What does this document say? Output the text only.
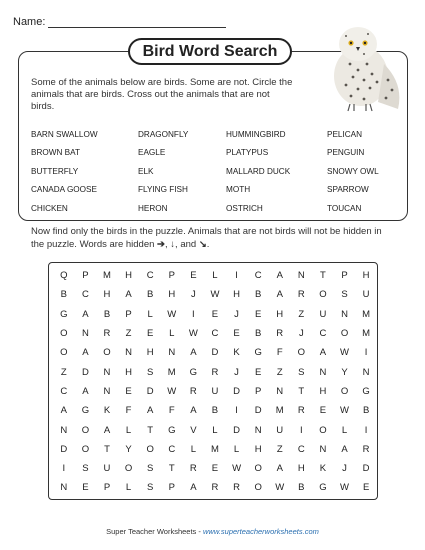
Name:
Bird Word Search

Some of the animals below are birds. Some are not. Circle the animals that are birds. Cross out the animals that are not birds.

BARN SWALLOW	DRAGONFLY	HUMMINGBIRD	PELICAN
BROWN BAT	EAGLE	PLATYPUS	PENGUIN
BUTTERFLY	ELK	MALLARD DUCK	SNOWY OWL
CANADA GOOSE	FLYING FISH	MOTH	SPARROW
CHICKEN	HERON	OSTRICH	TOUCAN

Now find only the birds in the puzzle. Animals that are not birds will not be hidden in the puzzle. Words are hidden ➔, ↓, and ↘.

Q	P	M	H	C	P	E	L	I	C	A	N	T	P	H
B	C	H	A	B	H	J	W	H	B	A	R	O	S	U
G	A	B	P	L	W	I	E	J	E	H	Z	U	N	M
O	N	R	Z	E	L	W	C	E	B	R	J	C	O	M
O	A	O	N	H	N	A	D	K	G	F	O	A	W	I
Z	D	N	H	S	M	G	R	J	E	Z	S	N	Y	N
C	A	N	E	D	W	R	U	D	P	N	T	H	O	G
A	G	K	F	A	F	A	B	I	D	M	R	E	W	B
N	O	A	L	T	G	V	L	D	N	U	I	O	L	I
D	O	T	Y	O	C	L	M	L	H	Z	C	N	A	R
I	S	U	O	S	T	R	E	W	O	A	H	K	J	D
N	E	P	L	S	P	A	R	R	O	W	B	G	W	E
Super Teacher Worksheets - www.superteacherworksheets.com
